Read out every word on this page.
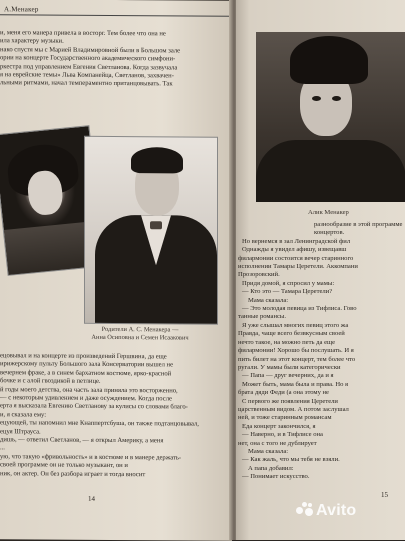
А.Менакер
и, меня его манера привела в восторг. Тем более что она не
ила характеру музыки.
нако спустя мы с Марией Владимировной были в Большом зале
ории на концерте Государственного академического симфони-
ркестра под управлением Евгения Светланова. Когда зазвучала
я на еврейские темы» Льва Компанейца, Светланов, захвачен-
льными ритмами, начал темпераментно пританцовывать. Так
Родители А. С. Менакера —
Анна Осиповна и Семен Исаакович
ецовывал и на концерте из произведений Гершвина, да еще
ирижерскому пульту Большого зала Консерватории вышел не
вечернем фраке, а в синем бархатном костюме, ярко-красной
бочке и с алой гвоздикой в петлице.
й годы моего детства, она часть зала приняла это восторженно,
— с некоторым удивлением и даже осуждением. Когда после
ерта я высказала Евгению Светланову за кулисы со словами благо-
и, я сказала ему:
ецующей, ты напомнил мне Кнаппертсбуша, он также подтанцовывал,
ецуя Штрауса.
дишь, — ответил Светланов, — я открыл Америку, а меня
...
ую, что такую «фривольность» и в костюме и в манере держать-
своей программе он не только музыкант, он и
ник, он актер. Он без разбора играет и тогда вносит
14
Алик Менакер
разнообразие в этой программе
концертов.
Но вернемся в зал Ленинградской фил
Однажды я увидел афишу, извещавш
филармонии состоится вечер старинного
исполнении Тамары Церетели. Аккомпани
Прозоровский.
Придя домой, я спросил у мамы:
— Кто это — Тамара Церетели?
Мама сказала:
— Это молодая певица из Тифлиса. Гово
танные романсы.
Я уже слышал многих певиц этого жа
Правда, чаще всего безвкусным своей
нечто такое, на можно петь да еще
филармонии! Хорошо бы послушать. И я
пить билет на этот концерт, тем более что
ругали. У мамы были категорически
— Папа — друг вечерних, да и я
Может быть, мама была и права. Но я
брата дяди Феди (а она этому не
С первого же появления Церетели
царственным видом. А потом заслушал
ней, и тоже старинным романсам
Еда концерт закончился, я
— Наверно, и в Тифлисе она
нет, она с того не дублирует
Мама сказала:
— Как жаль, что мы тебя не взяли.
А папа добавил:
— Понимает искусство.
15
Avito
